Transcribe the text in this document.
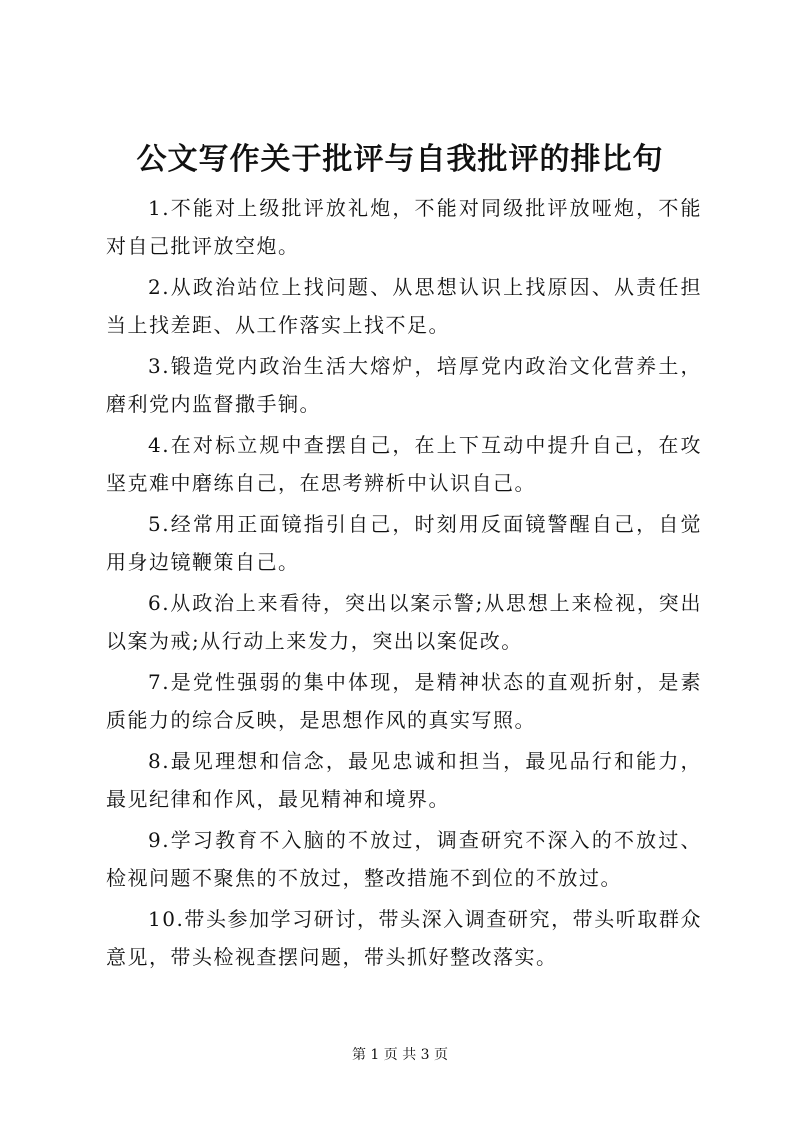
公文写作关于批评与自我批评的排比句
1.不能对上级批评放礼炮，不能对同级批评放哑炮，不能对自己批评放空炮。
2.从政治站位上找问题、从思想认识上找原因、从责任担当上找差距、从工作落实上找不足。
3.锻造党内政治生活大熔炉，培厚党内政治文化营养土，磨利党内监督撒手锏。
4.在对标立规中查摆自己，在上下互动中提升自己，在攻坚克难中磨练自己，在思考辨析中认识自己。
5.经常用正面镜指引自己，时刻用反面镜警醒自己，自觉用身边镜鞭策自己。
6.从政治上来看待，突出以案示警;从思想上来检视，突出以案为戒;从行动上来发力，突出以案促改。
7.是党性强弱的集中体现，是精神状态的直观折射，是素质能力的综合反映，是思想作风的真实写照。
8.最见理想和信念，最见忠诚和担当，最见品行和能力，最见纪律和作风，最见精神和境界。
9.学习教育不入脑的不放过，调查研究不深入的不放过、检视问题不聚焦的不放过，整改措施不到位的不放过。
10.带头参加学习研讨，带头深入调查研究，带头听取群众意见，带头检视查摆问题，带头抓好整改落实。
第 1 页 共 3 页
